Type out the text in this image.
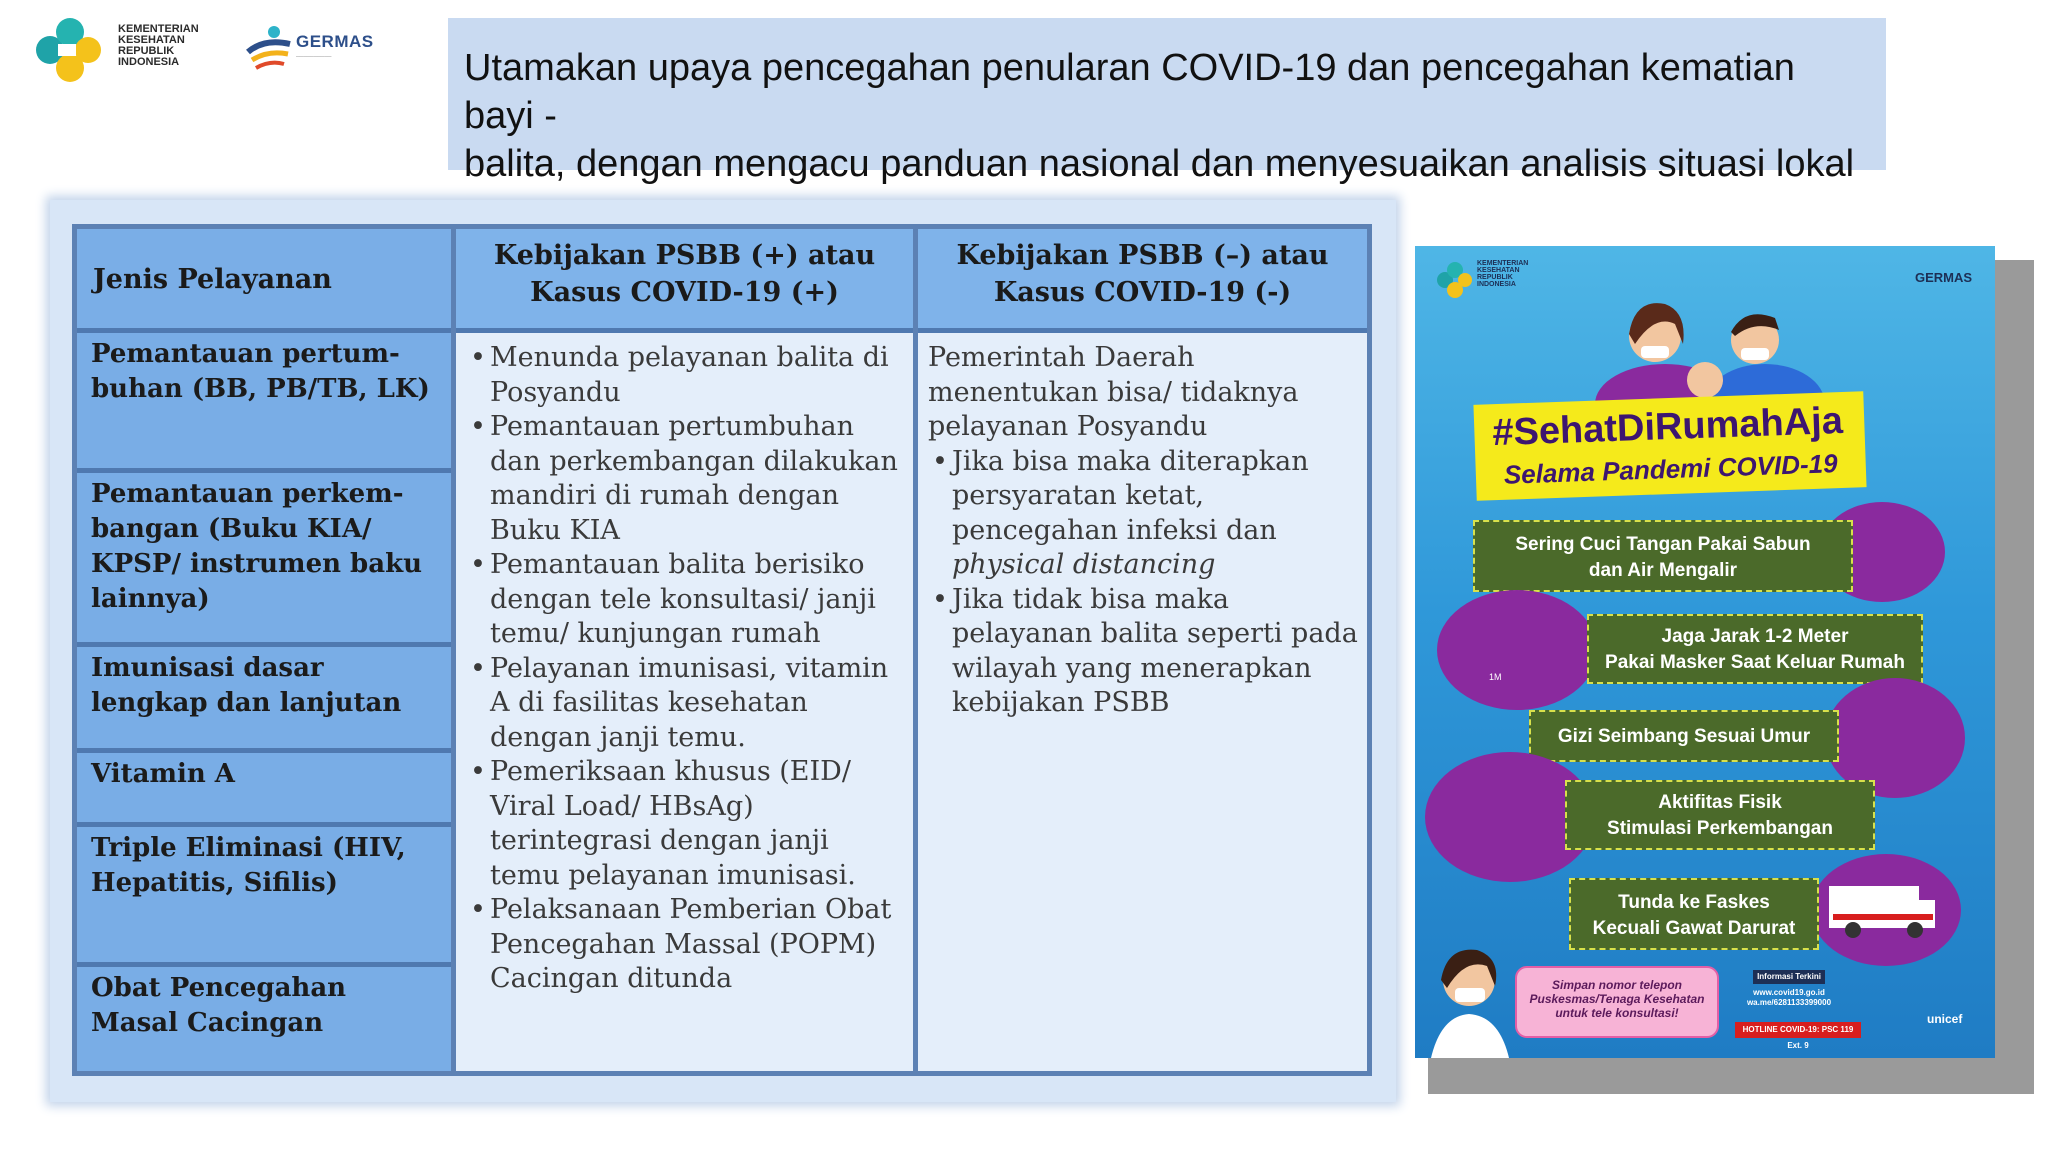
KEMENTERIAN
KESEHATAN
REPUBLIK
INDONESIA
GERMAS
──────────	Utamakan upaya pencegahan penularan COVID-19 dan pencegahan kematian bayi -
balita, dengan mengacu panduan nasional dan menyesuaikan analisis situasi lokal
Jenis Pelayanan
Kebijakan PSBB (+) atau
Kasus COVID-19 (+)
Kebijakan PSBB (–) atau
Kasus COVID-19 (-)
Pemantauan pertum-buhan (BB, PB/TB, LK)
Pemantauan perkem-bangan (Buku KIA/ KPSP/ instrumen baku lainnya)
Imunisasi dasar lengkap dan lanjutan
Vitamin A
Triple Eliminasi (HIV, Hepatitis, Sifilis)
Obat Pencegahan Masal Cacingan
• Menunda pelayanan balita di Posyandu
• Pemantauan pertumbuhan dan perkembangan dilakukan mandiri di rumah dengan Buku KIA
• Pemantauan balita berisiko dengan tele konsultasi/ janji temu/ kunjungan rumah
• Pelayanan imunisasi, vitamin A di fasilitas kesehatan dengan janji temu.
• Pemeriksaan khusus (EID/ Viral Load/ HBsAg) terintegrasi dengan janji temu pelayanan imunisasi.
• Pelaksanaan Pemberian Obat Pencegahan Massal (POPM) Cacingan ditunda
Pemerintah Daerah menentukan bisa/ tidaknya pelayanan Posyandu
• Jika bisa maka diterapkan persyaratan ketat, pencegahan infeksi dan physical distancing
• Jika tidak bisa maka pelayanan balita seperti pada wilayah yang menerapkan kebijakan PSBB
KEMENTERIAN KESEHATAN REPUBLIK INDONESIA	GERMAS
#SehatDiRumahAja
Selama Pandemi COVID-19
Sering Cuci Tangan Pakai Sabun
dan Air Mengalir
1M
Jaga Jarak 1-2 Meter
Pakai Masker Saat Keluar Rumah
Gizi Seimbang Sesuai Umur
Aktifitas Fisik
Stimulasi Perkembangan
Tunda ke Faskes
Kecuali Gawat Darurat
Simpan nomor telepon Puskesmas/Tenaga Kesehatan untuk tele konsultasi!
Informasi Terkini
www.covid19.go.id
wa.me/6281133399000
HOTLINE COVID-19: PSC 119 Ext. 9
unicef
